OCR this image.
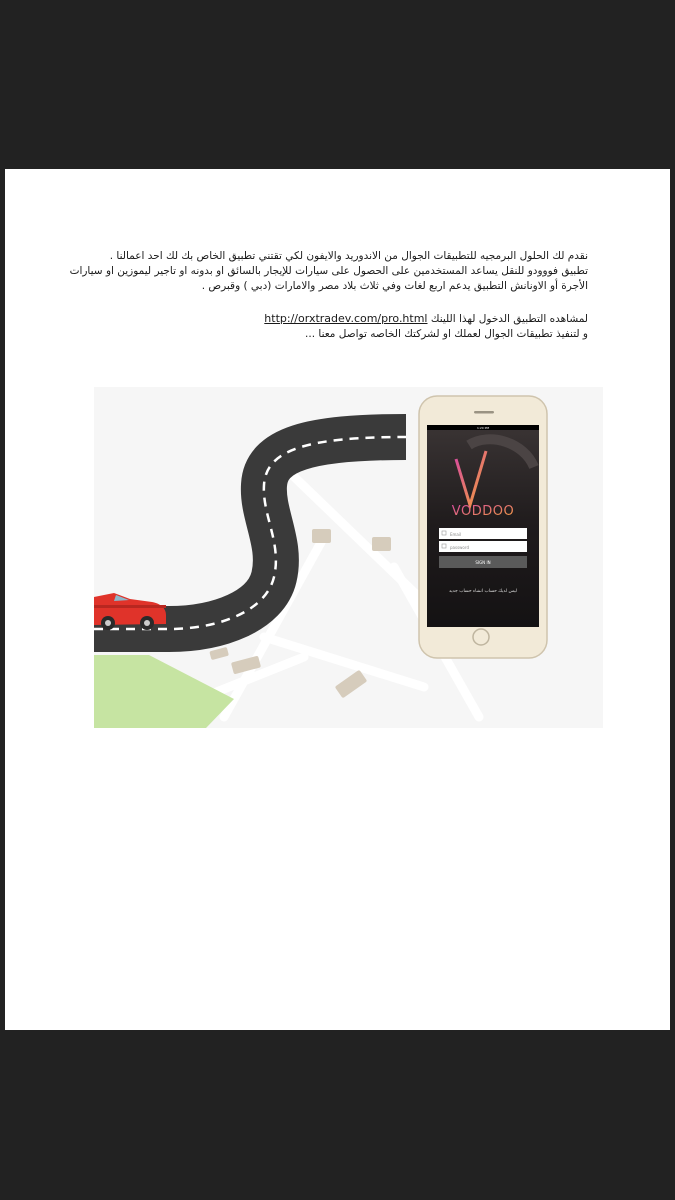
نقدم لك الحلول البرمجيه للتطبيقات الجوال من الاندوريد والايفون لكي تقتني تطبيق الخاص بك لك احد اعمالنا .
تطبيق فووودو للنقل يساعد المستخدمين على الحصول على سيارات للإيجار بالسائق او بدونه او تاجير ليموزين او سيارات
الأجرة أو الاونانش التطبيق يدعم اربع لغات وفي ثلاث بلاد مصر والامارات (دبي ) وقبرص .

لمشاهده التطبيق الدخول لهذا اللينك http://orxtradev.com/pro.html
و لتنفيذ تطبيقات الجوال لعملك او لشركتك الخاصه تواصل معنا ...

1:20 PM
VODDOO
Email
password
SIGN IN
ليس لديك حساب انشاء حساب جديد
